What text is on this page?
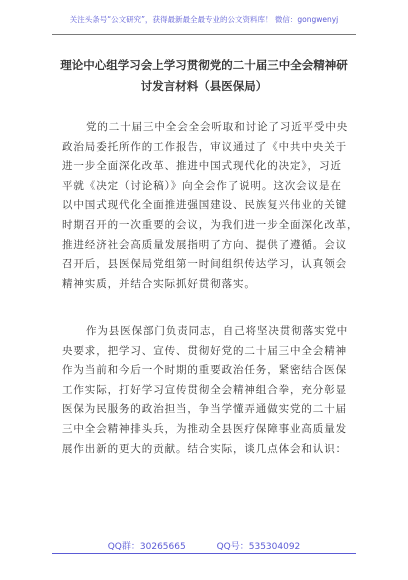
关注头条号“公文研究”，获得最新最全最专业的公文资料库！ 微信：gongwenyj
理论中心组学习会上学习贯彻党的二十届三中全会精神研
讨发言材料（县医保局）
党的二十届三中全会全会听取和讨论了习近平受中央
政治局委托所作的工作报告，审议通过了《中共中央关于
进一步全面深化改革、推进中国式现代化的决定》，习近
平就《决定（讨论稿）》向全会作了说明。这次会议是在
以中国式现代化全面推进强国建设、民族复兴伟业的关键
时期召开的一次重要的会议，为我们进一步全面深化改革，
推进经济社会高质量发展指明了方向、提供了遵循。会议
召开后，县医保局党组第一时间组织传达学习，认真领会
精神实质，并结合实际抓好贯彻落实。
作为县医保部门负责同志，自己将坚决贯彻落实党中
央要求，把学习、宣传、贯彻好党的二十届三中全会精神
作为当前和今后一个时期的重要政治任务，紧密结合医保
工作实际，打好学习宣传贯彻全会精神组合拳，充分彰显
医保为民服务的政治担当，争当学懂弄通做实党的二十届
三中全会精神排头兵，为推动全县医疗保障事业高质量发
展作出新的更大的贡献。结合实际，谈几点体会和认识：
QQ群：30265665	QQ号：535304092
